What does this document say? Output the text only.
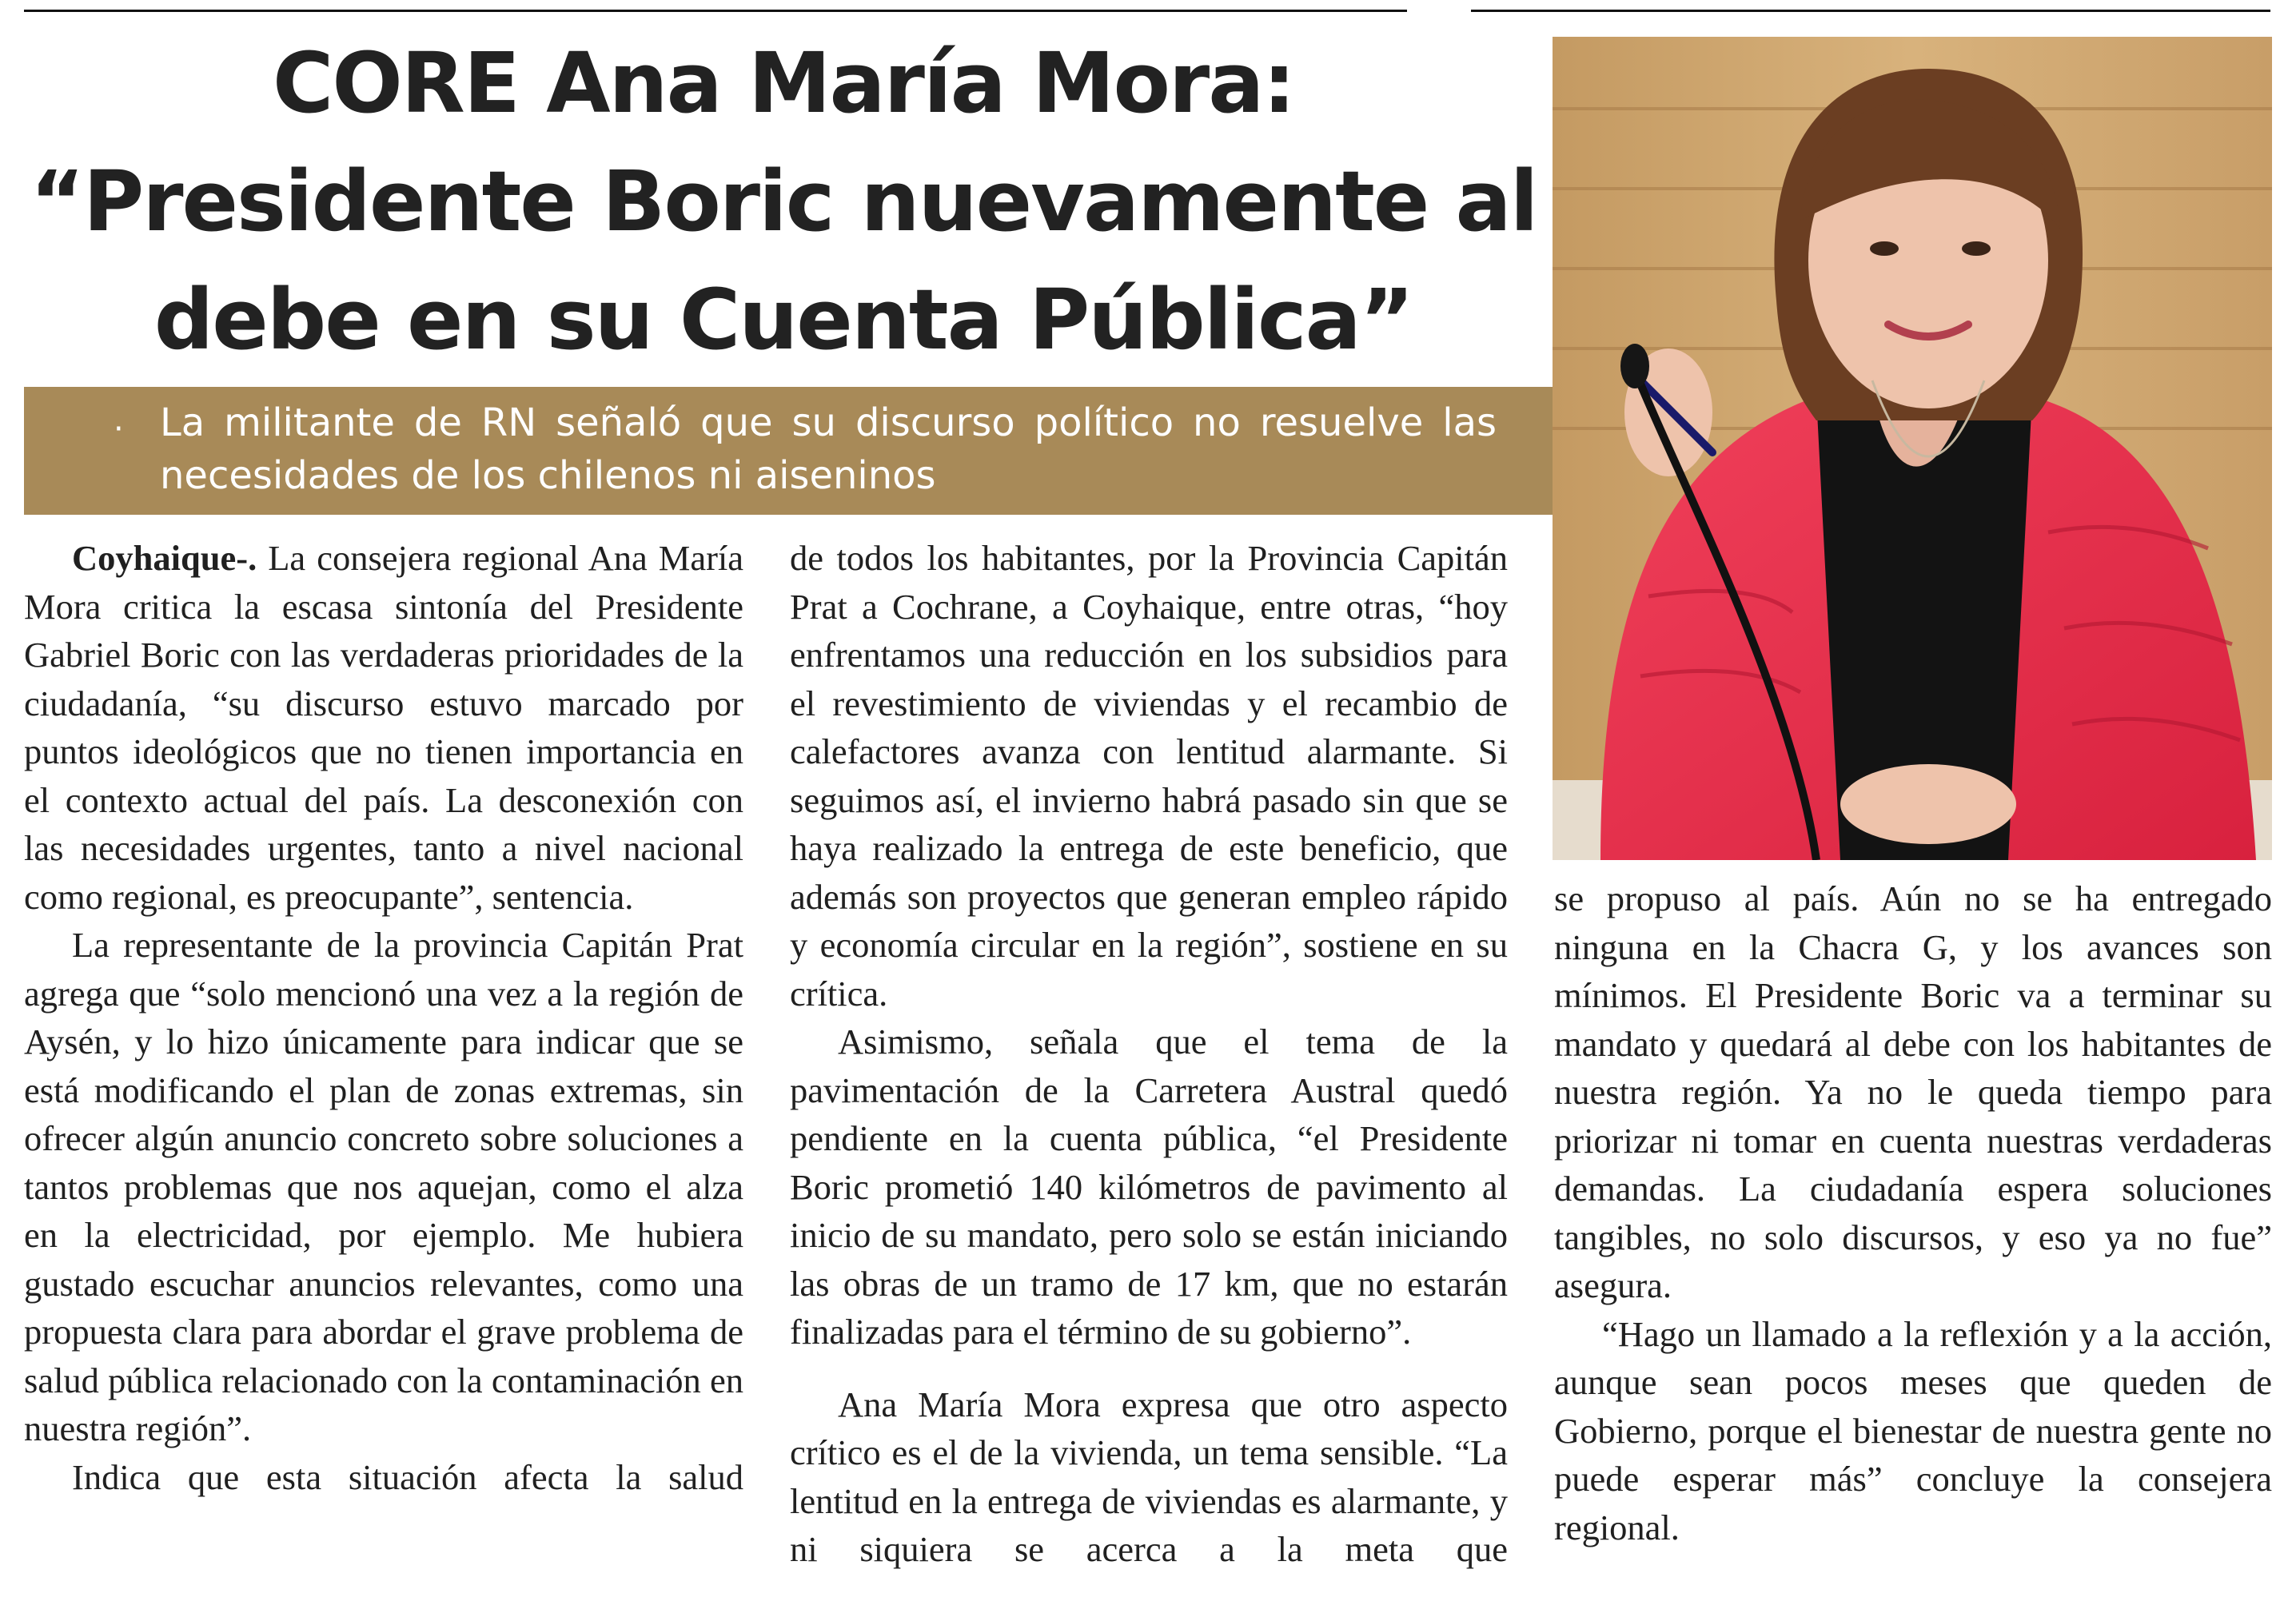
CORE Ana María Mora:
“Presidente Boric nuevamente al
debe en su Cuenta Pública”
· La militante de RN señaló que su discurso político no resuelve las necesidades de los chilenos ni aiseninos

Coyhaique-. La consejera regional Ana María Mora critica la escasa sintonía del Presidente Gabriel Boric con las verdaderas prioridades de la ciudadanía, “su discurso estuvo marcado por puntos ideológicos que no tienen importancia en el contexto actual del país. La desconexión con las necesidades urgentes, tanto a nivel nacional como regional, es preocupante”, sentencia.

La representante de la provincia Capitán Prat agrega que “solo mencionó una vez a la región de Aysén, y lo hizo únicamente para indicar que se está modificando el plan de zonas extremas, sin ofrecer algún anuncio concreto sobre soluciones a tantos problemas que nos aquejan, como el alza en la electricidad, por ejemplo. Me hubiera gustado escuchar anuncios relevantes, como una propuesta clara para abordar el grave problema de salud pública relacionado con la contaminación en nuestra región”.

Indica que esta situación afecta la salud

de todos los habitantes, por la Provincia Capitán Prat a Cochrane, a Coyhaique, entre otras, “hoy enfrentamos una reducción en los subsidios para el revestimiento de viviendas y el recambio de calefactores avanza con lentitud alarmante. Si seguimos así, el invierno habrá pasado sin que se haya realizado la entrega de este beneficio, que además son proyectos que generan empleo rápido y economía circular en la región”, sostiene en su crítica.

Asimismo, señala que el tema de la pavimentación de la Carretera Austral quedó pendiente en la cuenta pública, “el Presidente Boric prometió 140 kilómetros de pavimento al inicio de su mandato, pero solo se están iniciando las obras de un tramo de 17 km, que no estarán finalizadas para el término de su gobierno”.

Ana María Mora expresa que otro aspecto crítico es el de la vivienda, un tema sensible. “La lentitud en la entrega de viviendas es alarmante, y ni siquiera se acerca a la meta que

se propuso al país. Aún no se ha entregado ninguna en la Chacra G, y los avances son mínimos. El Presidente Boric va a terminar su mandato y quedará al debe con los habitantes de nuestra región. Ya no le queda tiempo para priorizar ni tomar en cuenta nuestras verdaderas demandas. La ciudadanía espera soluciones tangibles, no solo discursos, y eso ya no fue” asegura.

“Hago un llamado a la reflexión y a la acción, aunque sean pocos meses que queden de Gobierno, porque el bienestar de nuestra gente no puede esperar más” concluye la consejera regional.
